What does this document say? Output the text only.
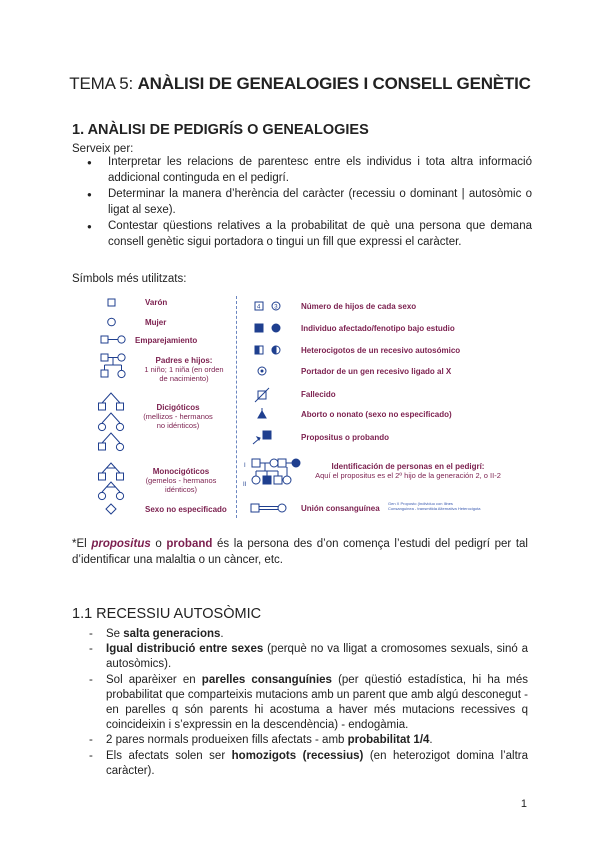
TEMA 5: ANÀLISI DE GENEALOGIES I CONSELL GENÈTIC
1. ANÀLISI DE PEDIGRÍS O GENEALOGIES
Serveix per:
● Interpretar les relacions de parentesc entre els individus i tota altra informació addicional continguda en el pedigrí.
● Determinar la manera d’herència del caràcter (recessiu o dominant | autosòmic o ligat al sexe).
● Contestar qüestions relatives a la probabilitat de què una persona que demana consell genètic sigui portadora o tingui un fill que expressi el caràcter.
Símbols més utilitzats:
4 3
I
II
Varón
Mujer
Emparejamiento
Padres e hijos:
1 niño; 1 niña (en orden de nacimiento)
Dicigóticos
(mellizos - hermanos no idénticos)
Monocigóticos
(gemelos - hermanos idénticos)
Sexo no especificado
Número de hijos de cada sexo
Individuo afectado/fenotipo bajo estudio
Heterocigotos de un recesivo autosómico
Portador de un gen recesivo ligado al X
Fallecido
Aborto o nonato (sexo no especificado)
Propositus o probando
Identificación de personas en el pedigrí:
Aquí el propositus es el 2º hijo de la generación 2, o II-2
Unión consanguínea
Gen X Proposto (Individuo con Illnes
Consanguinea - transmitida Alternativa Heterocigota
*El propositus o proband és la persona des d’on comença l’estudi del pedigrí per tal d’identificar una malaltia o un càncer, etc.
1.1 RECESSIU AUTOSÒMIC
- Se salta generacions.
- Igual distribució entre sexes (perquè no va lligat a cromosomes sexuals, sinó a autosòmics).
- Sol aparèixer en parelles consanguínies (per qüestió estadística, hi ha més probabilitat que comparteixis mutacions amb un parent que amb algú desconegut - en parelles q són parents hi acostuma a haver més mutacions recessives q coincideixin i s’expressin en la descendència) - endogàmia.
- 2 pares normals produeixen fills afectats - amb probabilitat 1/4.
- Els afectats solen ser homozigots (recessius) (en heterozigot domina l’altra caràcter).
1
